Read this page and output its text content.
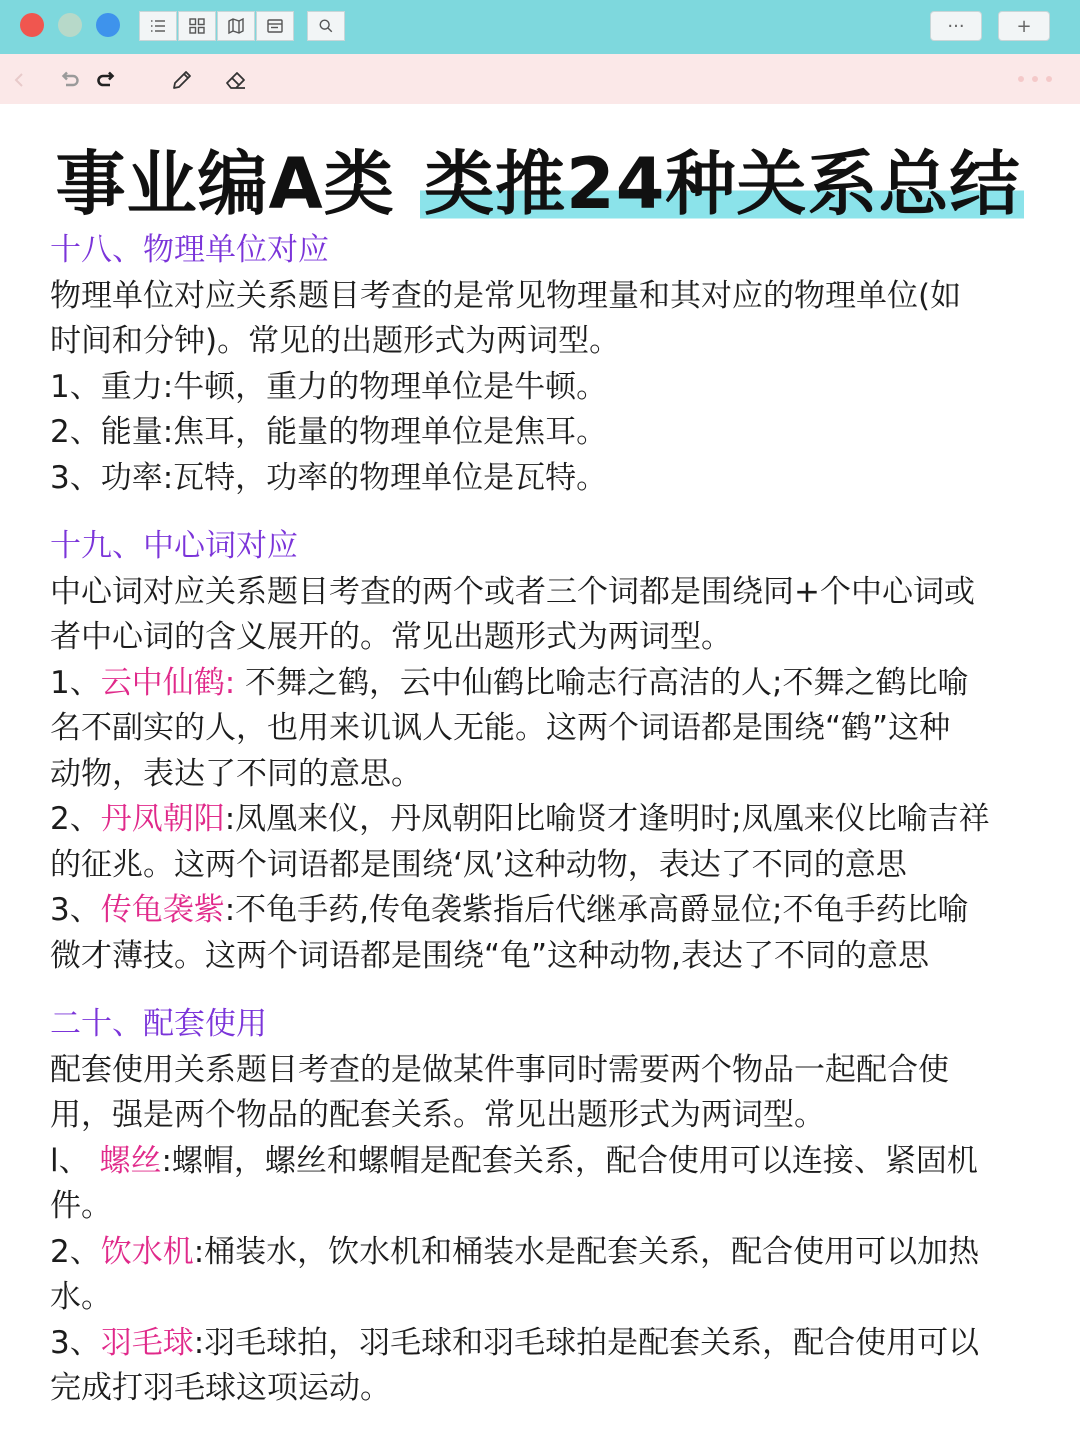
···	+
事业编A类 类推24种关系总结
十八、物理单位对应
物理单位对应关系题目考查的是常见物理量和其对应的物理单位(如
时间和分钟)。常见的出题形式为两词型。
1、重力:牛顿，重力的物理单位是牛顿。
2、能量:焦耳，能量的物理单位是焦耳。
3、功率:瓦特，功率的物理单位是瓦特。
十九、中心词对应
中心词对应关系题目考查的两个或者三个词都是围绕同+个中心词或
者中心词的含义展开的。常见出题形式为两词型。
1、云中仙鹤: 不舞之鹤，云中仙鹤比喻志行高洁的人;不舞之鹤比喻
名不副实的人，也用来讥讽人无能。这两个词语都是围绕“鹤”这种
动物，表达了不同的意思。
2、丹凤朝阳:凤凰来仪，丹凤朝阳比喻贤才逢明时;凤凰来仪比喻吉祥
的征兆。这两个词语都是围绕‘凤’这种动物，表达了不同的意思
3、传龟袭紫:不龟手药,传龟袭紫指后代继承高爵显位;不龟手药比喻
微才薄技。这两个词语都是围绕“龟”这种动物,表达了不同的意思
二十、配套使用
配套使用关系题目考查的是做某件事同时需要两个物品一起配合使
用，强是两个物品的配套关系。常见出题形式为两词型。
l、 螺丝:螺帽，螺丝和螺帽是配套关系，配合使用可以连接、紧固机
件。
2、饮水机:桶装水，饮水机和桶装水是配套关系，配合使用可以加热
水。
3、羽毛球:羽毛球拍，羽毛球和羽毛球拍是配套关系，配合使用可以
完成打羽毛球这项运动。
